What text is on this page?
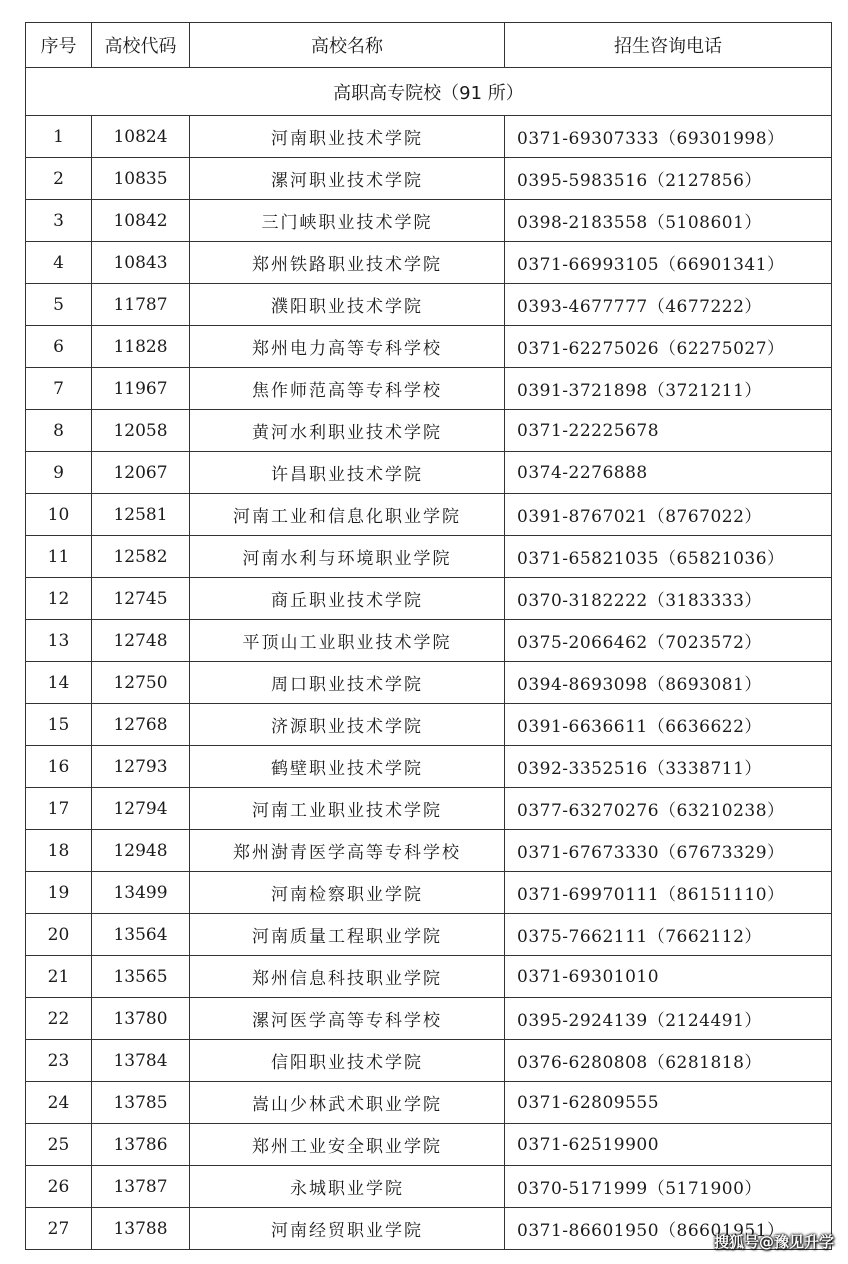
序号	高校代码	高校名称	招生咨询电话
高职高专院校（91 所）			
1	10824	河南职业技术学院	0371-69307333（69301998）
2	10835	漯河职业技术学院	0395-5983516（2127856）
3	10842	三门峡职业技术学院	0398-2183558（5108601）
4	10843	郑州铁路职业技术学院	0371-66993105（66901341）
5	11787	濮阳职业技术学院	0393-4677777（4677222）
6	11828	郑州电力高等专科学校	0371-62275026（62275027）
7	11967	焦作师范高等专科学校	0391-3721898（3721211）
8	12058	黄河水利职业技术学院	0371-22225678
9	12067	许昌职业技术学院	0374-2276888
10	12581	河南工业和信息化职业学院	0391-8767021（8767022）
11	12582	河南水利与环境职业学院	0371-65821035（65821036）
12	12745	商丘职业技术学院	0370-3182222（3183333）
13	12748	平顶山工业职业技术学院	0375-2066462（7023572）
14	12750	周口职业技术学院	0394-8693098（8693081）
15	12768	济源职业技术学院	0391-6636611（6636622）
16	12793	鹤壁职业技术学院	0392-3352516（3338711）
17	12794	河南工业职业技术学院	0377-63270276（63210238）
18	12948	郑州澍青医学高等专科学校	0371-67673330（67673329）
19	13499	河南检察职业学院	0371-69970111（86151110）
20	13564	河南质量工程职业学院	0375-7662111（7662112）
21	13565	郑州信息科技职业学院	0371-69301010
22	13780	漯河医学高等专科学校	0395-2924139（2124491）
23	13784	信阳职业技术学院	0376-6280808（6281818）
24	13785	嵩山少林武术职业学院	0371-62809555
25	13786	郑州工业安全职业学院	0371-62519900
26	13787	永城职业学院	0370-5171999（5171900）
27	13788	河南经贸职业学院	0371-86601950（86601951）
搜狐号@豫见升学
